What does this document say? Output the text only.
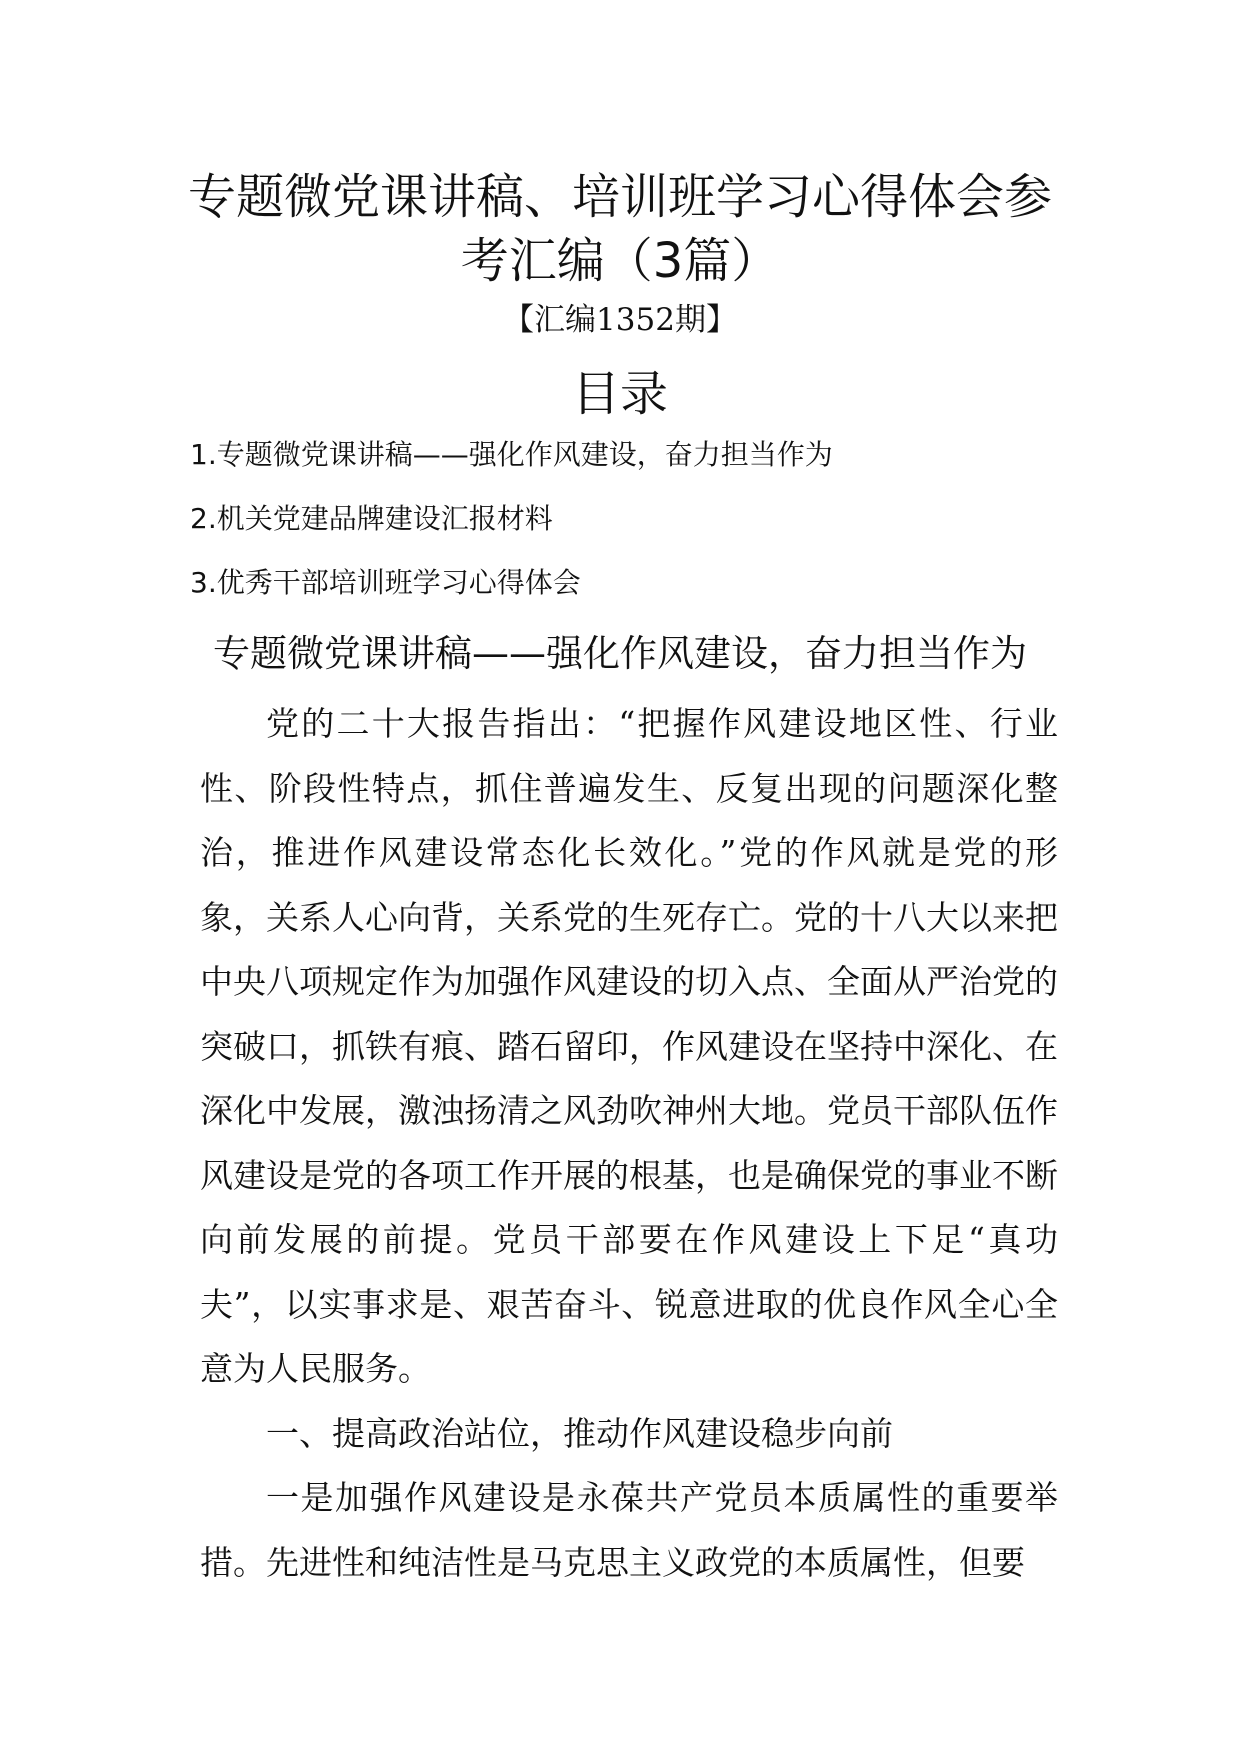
专题微党课讲稿、培训班学习心得体会参考汇编（3篇）
【汇编1352期】
目录
1.专题微党课讲稿——强化作风建设，奋力担当作为
2.机关党建品牌建设汇报材料
3.优秀干部培训班学习心得体会
专题微党课讲稿——强化作风建设，奋力担当作为

党的二十大报告指出：“把握作风建设地区性、行业性、阶段性特点，抓住普遍发生、反复出现的问题深化整治，推进作风建设常态化长效化。”党的作风就是党的形象，关系人心向背，关系党的生死存亡。党的十八大以来把中央八项规定作为加强作风建设的切入点、全面从严治党的突破口，抓铁有痕、踏石留印，作风建设在坚持中深化、在深化中发展，激浊扬清之风劲吹神州大地。党员干部队伍作风建设是党的各项工作开展的根基，也是确保党的事业不断向前发展的前提。党员干部要在作风建设上下足“真功夫”，以实事求是、艰苦奋斗、锐意进取的优良作风全心全意为人民服务。

一、提高政治站位，推动作风建设稳步向前

一是加强作风建设是永葆共产党员本质属性的重要举措。先进性和纯洁性是马克思主义政党的本质属性，但要
